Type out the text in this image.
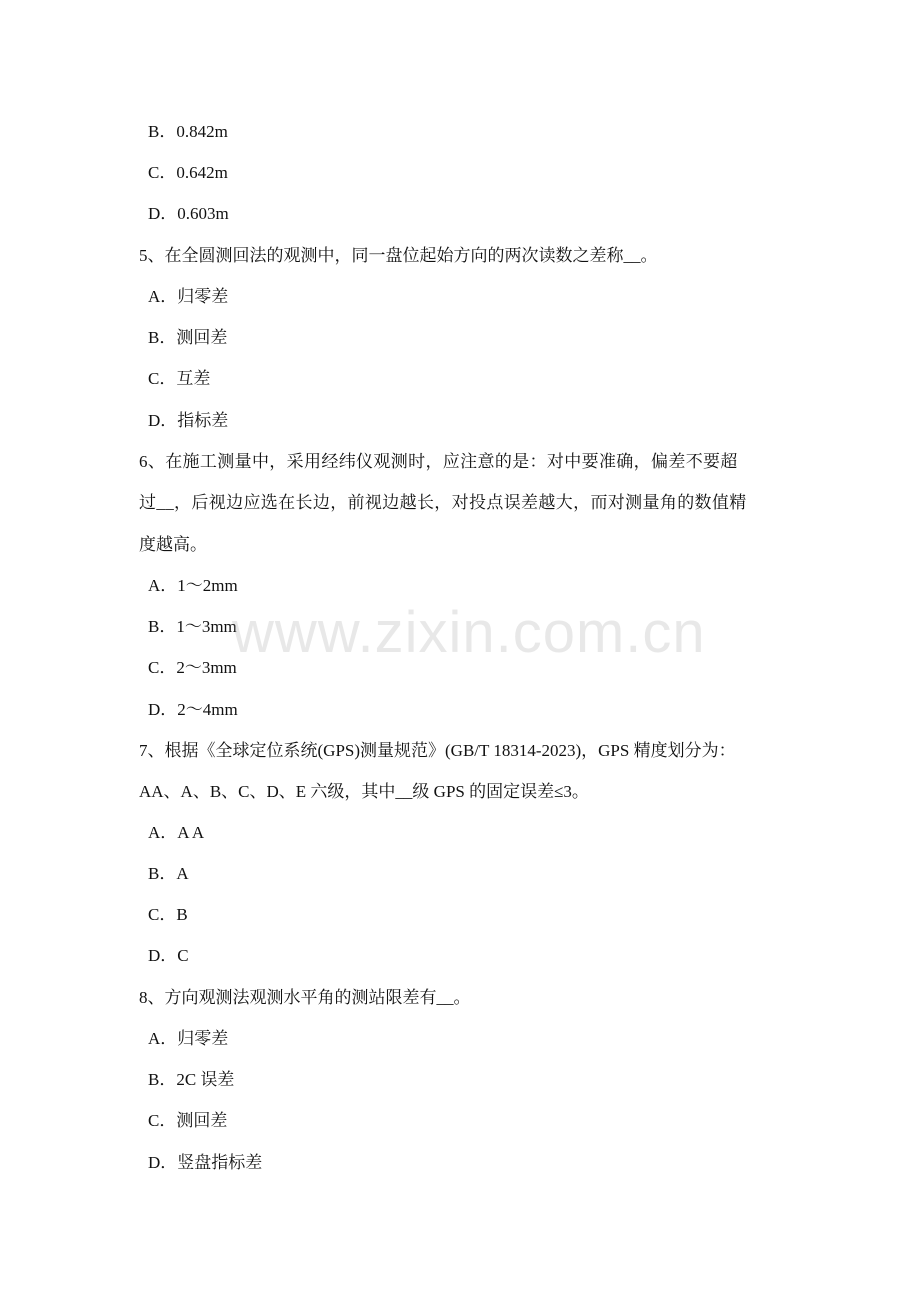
B．0.842m
C．0.642m
D．0.603m
5、在全圆测回法的观测中，同一盘位起始方向的两次读数之差称__。
A．归零差
B．测回差
C．互差
D．指标差
6、在施工测量中，采用经纬仪观测时，应注意的是：对中要准确，偏差不要超
过__，后视边应选在长边，前视边越长，对投点误差越大，而对测量角的数值精
度越高。
A．1～2mm
B．1～3mm
C．2～3mm
D．2～4mm
7、根据《全球定位系统(GPS)测量规范》(GB/T 18314-2023)，GPS 精度划分为：
AA、A、B、C、D、E 六级，其中__级 GPS 的固定误差≤3。
A．A A
B．A
C．B
D．C
8、方向观测法观测水平角的测站限差有__。
A．归零差
B．2C 误差
C．测回差
D．竖盘指标差
www.zixin.com.cn
